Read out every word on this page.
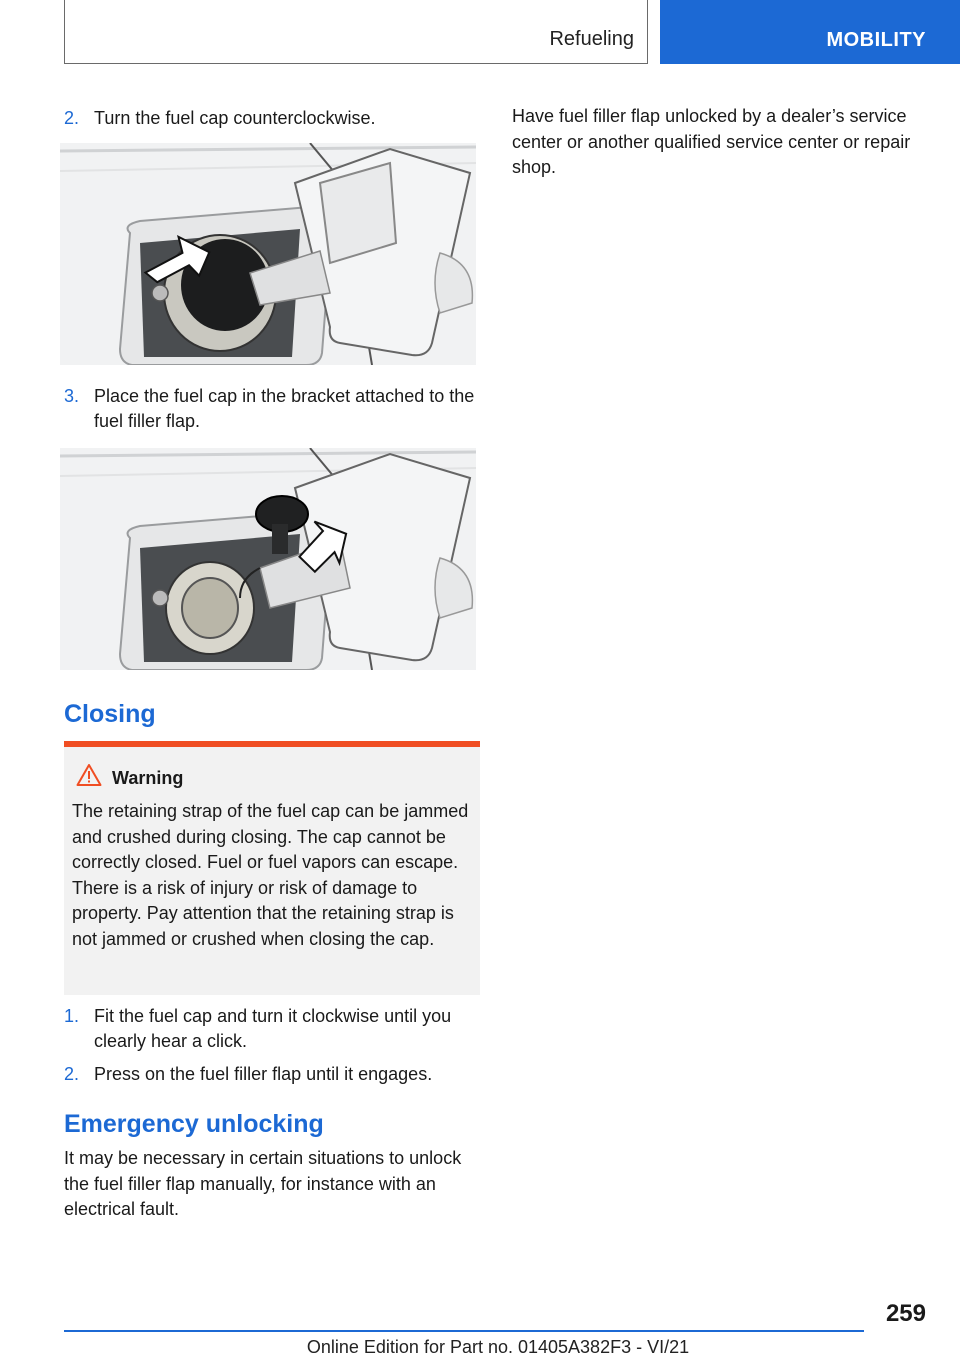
Refueling	MOBILITY
2. Turn the fuel cap counterclockwise.
3. Place the fuel cap in the bracket attached to the fuel filler flap.
Closing
Warning
The retaining strap of the fuel cap can be jammed and crushed during closing. The cap cannot be correctly closed. Fuel or fuel vapors can escape. There is a risk of injury or risk of damage to property. Pay attention that the retaining strap is not jammed or crushed when closing the cap.
1. Fit the fuel cap and turn it clockwise until you clearly hear a click.
2. Press on the fuel filler flap until it engages.
Emergency unlocking
It may be necessary in certain situations to unlock the fuel filler flap manually, for instance with an electrical fault.
Have fuel filler flap unlocked by a dealer’s service center or another qualified service center or repair shop.
259
Online Edition for Part no. 01405A382F3 - VI/21
